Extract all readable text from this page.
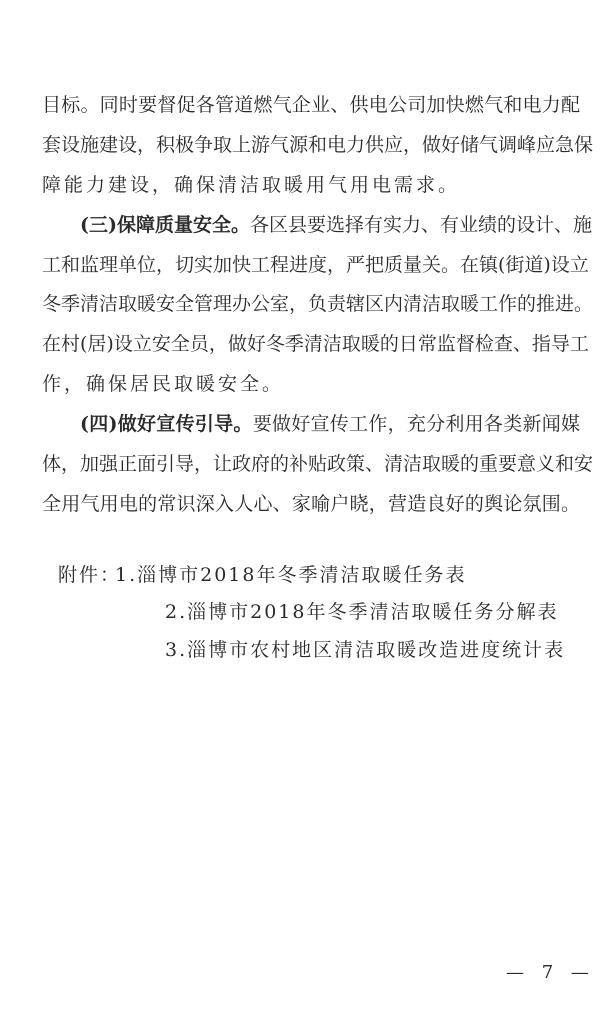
目标。同时要督促各管道燃气企业、供电公司加快燃气和电力配
套设施建设，积极争取上游气源和电力供应，做好储气调峰应急保
障能力建设，确保清洁取暖用气用电需求。
(三)保障质量安全。各区县要选择有实力、有业绩的设计、施
工和监理单位，切实加快工程进度，严把质量关。在镇(街道)设立
冬季清洁取暖安全管理办公室，负责辖区内清洁取暖工作的推进。
在村(居)设立安全员，做好冬季清洁取暖的日常监督检查、指导工
作，确保居民取暖安全。
(四)做好宣传引导。要做好宣传工作，充分利用各类新闻媒
体，加强正面引导，让政府的补贴政策、清洁取暖的重要意义和安
全用气用电的常识深入人心、家喻户晓，营造良好的舆论氛围。
附件：
1.淄博市2018年冬季清洁取暖任务表
2.淄博市2018年冬季清洁取暖任务分解表
3.淄博市农村地区清洁取暖改造进度统计表
— 7 —
